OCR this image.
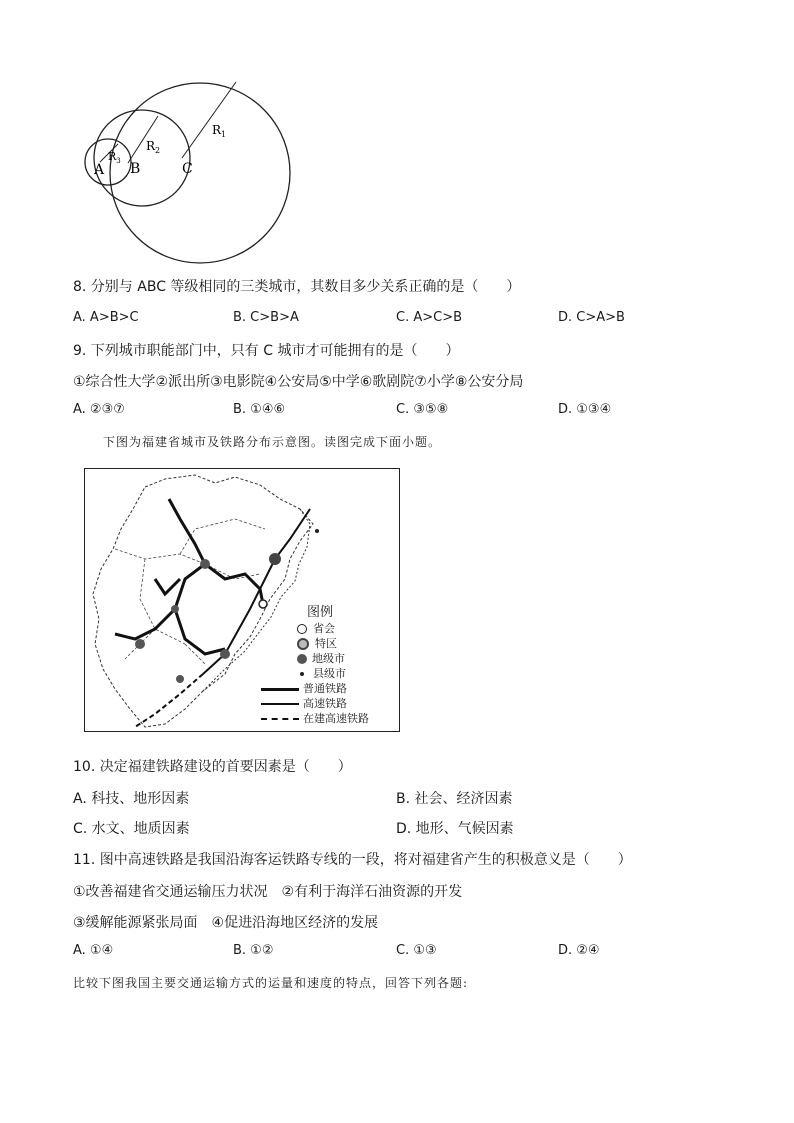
$R_1$
$R_2$
$R_3$
A B	C
8. 分别与 ABC 等级相同的三类城市，其数目多少关系正确的是（　　）
A. A>B>C	B. C>B>A	C. A>C>B	D. C>A>B
9. 下列城市职能部门中，只有 C 城市才可能拥有的是（　　）
①综合性大学②派出所③电影院④公安局⑤中学⑥歌剧院⑦小学⑧公安分局
A. ②③⑦	B. ①④⑥	C. ③⑤⑧	D. ①③④
下图为福建省城市及铁路分布示意图。读图完成下面小题。
图例
省会
特区
地级市
县级市
普通铁路
高速铁路
在建高速铁路
10. 决定福建铁路建设的首要因素是（　　）
A. 科技、地形因素	B. 社会、经济因素
C. 水文、地质因素	D. 地形、气候因素
11. 图中高速铁路是我国沿海客运铁路专线的一段，将对福建省产生的积极意义是（　　）
①改善福建省交通运输压力状况　②有利于海洋石油资源的开发
③缓解能源紧张局面　④促进沿海地区经济的发展
A. ①④	B. ①②	C. ①③	D. ②④
比较下图我国主要交通运输方式的运量和速度的特点，回答下列各题:
